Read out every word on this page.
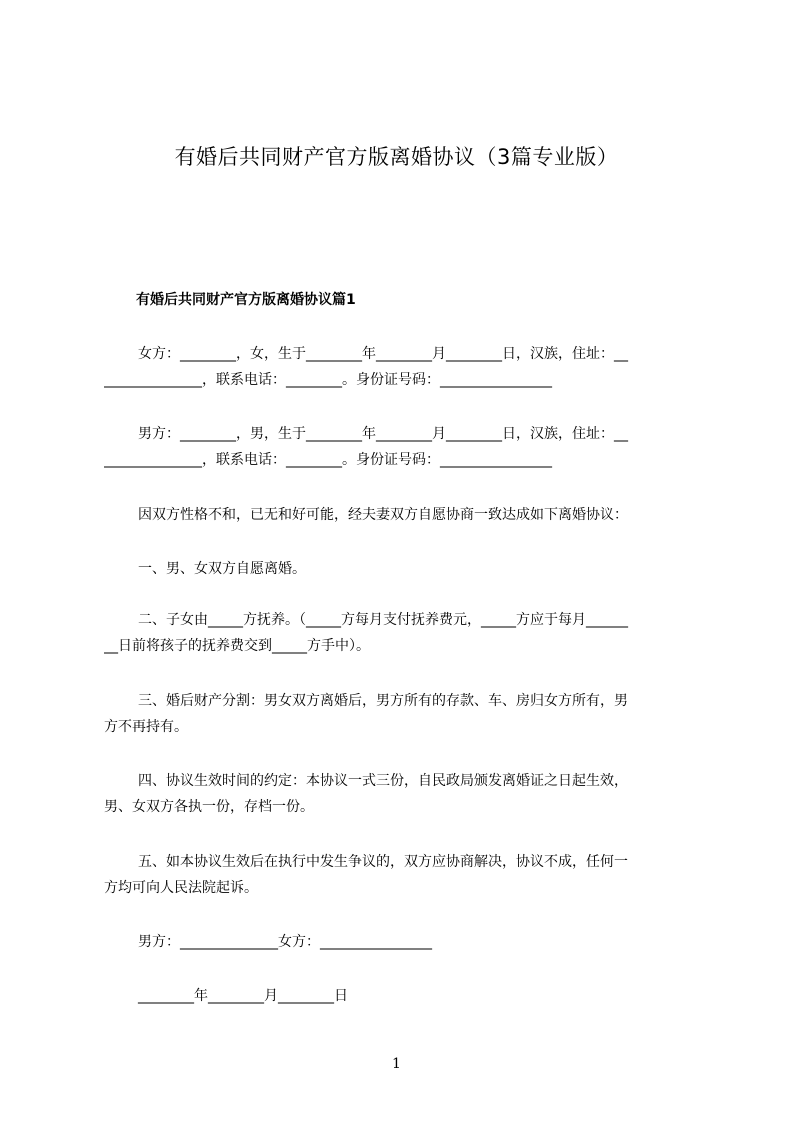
有婚后共同财产官方版离婚协议（3篇专业版）
有婚后共同财产官方版离婚协议篇1
女方：________，女，生于________年________月________日，汉族，住址：__
______________，联系电话：________。身份证号码：________________
男方：________，男，生于________年________月________日，汉族，住址：__
______________，联系电话：________。身份证号码：________________
因双方性格不和，已无和好可能，经夫妻双方自愿协商一致达成如下离婚协议：
一、男、女双方自愿离婚。
二、子女由_____方抚养。（_____方每月支付抚养费元，_____方应于每月______
__日前将孩子的抚养费交到_____方手中）。
三、婚后财产分割：男女双方离婚后，男方所有的存款、车、房归女方所有，男
方不再持有。
四、协议生效时间的约定：本协议一式三份，自民政局颁发离婚证之日起生效，
男、女双方各执一份，存档一份。
五、如本协议生效后在执行中发生争议的，双方应协商解决，协议不成，任何一
方均可向人民法院起诉。
男方：______________女方：________________
________年________月________日
1
